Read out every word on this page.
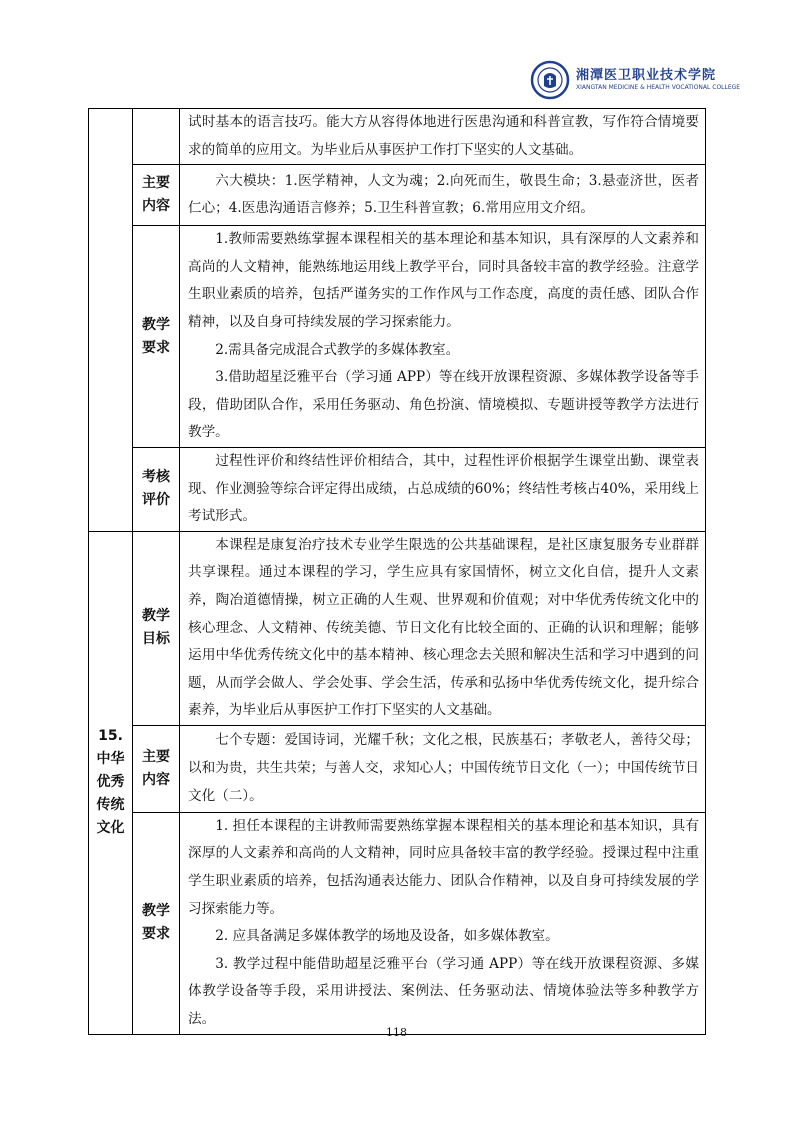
湘潭医卫职业技术学院
XIANGTAN MEDICINE & HEALTH VOCATIONAL COLLEGE

		试时基本的语言技巧。能大方从容得体地进行医患沟通和科普宣教，写作符合情境要求的简单的应用文。为毕业后从事医护工作打下坚实的人文基础。

	主要内容	六大模块：1.医学精神，人文为魂；2.向死而生，敬畏生命；3.悬壶济世，医者仁心；4.医患沟通语言修养；5.卫生科普宣教；6.常用应用文介绍。

	教学要求	1.教师需要熟练掌握本课程相关的基本理论和基本知识，具有深厚的人文素养和高尚的人文精神，能熟练地运用线上教学平台，同时具备较丰富的教学经验。注意学生职业素质的培养，包括严谨务实的工作作风与工作态度，高度的责任感、团队合作精神，以及自身可持续发展的学习探索能力。

2.需具备完成混合式教学的多媒体教室。

3.借助超星泛雅平台（学习通 APP）等在线开放课程资源、多媒体教学设备等手段，借助团队合作，采用任务驱动、角色扮演、情境模拟、专题讲授等教学方法进行教学。

	考核评价	过程性评价和终结性评价相结合，其中，过程性评价根据学生课堂出勤、课堂表现、作业测验等综合评定得出成绩，占总成绩的60%；终结性考核占40%，采用线上考试形式。

15.中华优秀传统文化	教学目标	本课程是康复治疗技术专业学生限选的公共基础课程，是社区康复服务专业群群共享课程。通过本课程的学习，学生应具有家国情怀，树立文化自信，提升人文素养，陶冶道德情操，树立正确的人生观、世界观和价值观；对中华优秀传统文化中的核心理念、人文精神、传统美德、节日文化有比较全面的、正确的认识和理解；能够运用中华优秀传统文化中的基本精神、核心理念去关照和解决生活和学习中遇到的问题，从而学会做人、学会处事、学会生活，传承和弘扬中华优秀传统文化，提升综合素养，为毕业后从事医护工作打下坚实的人文基础。

	主要内容	七个专题：爱国诗词，光耀千秋；文化之根，民族基石；孝敬老人，善待父母；以和为贵，共生共荣；与善人交，求知心人；中国传统节日文化（一）；中国传统节日文化（二）。

	教学要求	1. 担任本课程的主讲教师需要熟练掌握本课程相关的基本理论和基本知识，具有深厚的人文素养和高尚的人文精神，同时应具备较丰富的教学经验。授课过程中注重学生职业素质的培养，包括沟通表达能力、团队合作精神，以及自身可持续发展的学习探索能力等。

2. 应具备满足多媒体教学的场地及设备，如多媒体教室。

3. 教学过程中能借助超星泛雅平台（学习通 APP）等在线开放课程资源、多媒体教学设备等手段，采用讲授法、案例法、任务驱动法、情境体验法等多种教学方法。

118
